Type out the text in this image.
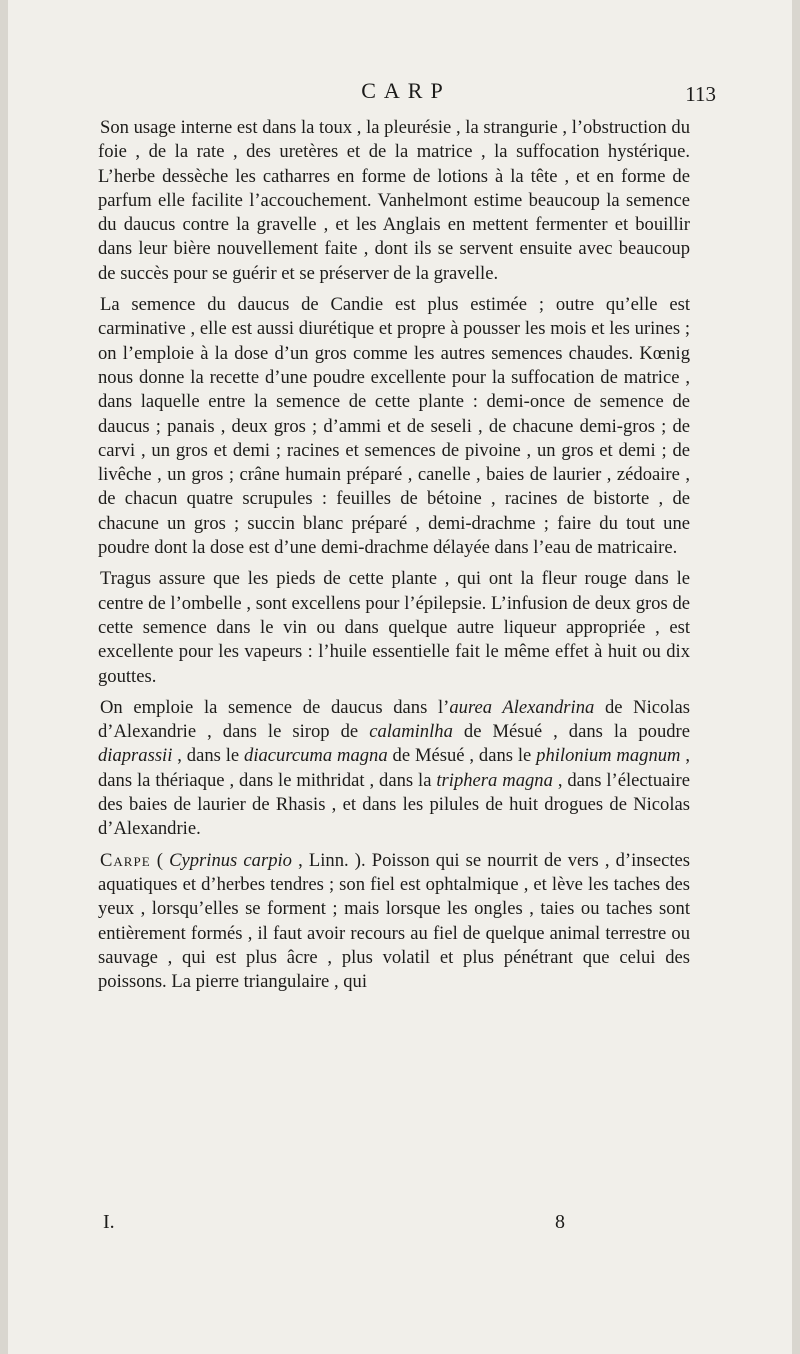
CARP	113

Son usage interne est dans la toux , la pleurésie , la strangurie , l’obstruction du foie , de la rate , des uretères et de la matrice , la suffocation hystérique. L’herbe dessèche les catharres en forme de lotions à la tête , et en forme de parfum elle facilite l’accouchement. Vanhelmont estime beaucoup la semence du daucus contre la gravelle , et les Anglais en mettent fermenter et bouillir dans leur bière nouvellement faite , dont ils se servent ensuite avec beaucoup de succès pour se guérir et se préserver de la gravelle.

La semence du daucus de Candie est plus estimée ; outre qu’elle est carminative , elle est aussi diurétique et propre à pousser les mois et les urines ; on l’emploie à la dose d’un gros comme les autres semences chaudes. Kœnig nous donne la recette d’une poudre excellente pour la suffocation de matrice , dans laquelle entre la semence de cette plante : demi-once de semence de daucus ; panais , deux gros ; d’ammi et de seseli , de chacune demi-gros ; de carvi , un gros et demi ; racines et semences de pivoine , un gros et demi ; de livêche , un gros ; crâne humain préparé , canelle , baies de laurier , zédoaire , de chacun quatre scrupules : feuilles de bétoine , racines de bistorte , de chacune un gros ; succin blanc préparé , demi-drachme ; faire du tout une poudre dont la dose est d’une demi-drachme délayée dans l’eau de matricaire.

Tragus assure que les pieds de cette plante , qui ont la fleur rouge dans le centre de l’ombelle , sont excellens pour l’épilepsie. L’infusion de deux gros de cette semence dans le vin ou dans quelque autre liqueur appropriée , est excellente pour les vapeurs : l’huile essentielle fait le même effet à huit ou dix gouttes.

On emploie la semence de daucus dans l’aurea Alexandrina de Nicolas d’Alexandrie , dans le sirop de calaminlha de Mésué , dans la poudre diaprassii , dans le diacurcuma magna de Mésué , dans le philonium magnum , dans la thériaque , dans le mithridat , dans la triphera magna , dans l’électuaire des baies de laurier de Rhasis , et dans les pilules de huit drogues de Nicolas d’Alexandrie.

Carpe ( Cyprinus carpio , Linn. ). Poisson qui se nourrit de vers , d’insectes aquatiques et d’herbes tendres ; son fiel est ophtalmique , et lève les taches des yeux , lorsqu’elles se forment ; mais lorsque les ongles , taies ou taches sont entièrement formés , il faut avoir recours au fiel de quelque animal terrestre ou sauvage , qui est plus âcre , plus volatil et plus pénétrant que celui des poissons. La pierre triangulaire , qui

I.	8
